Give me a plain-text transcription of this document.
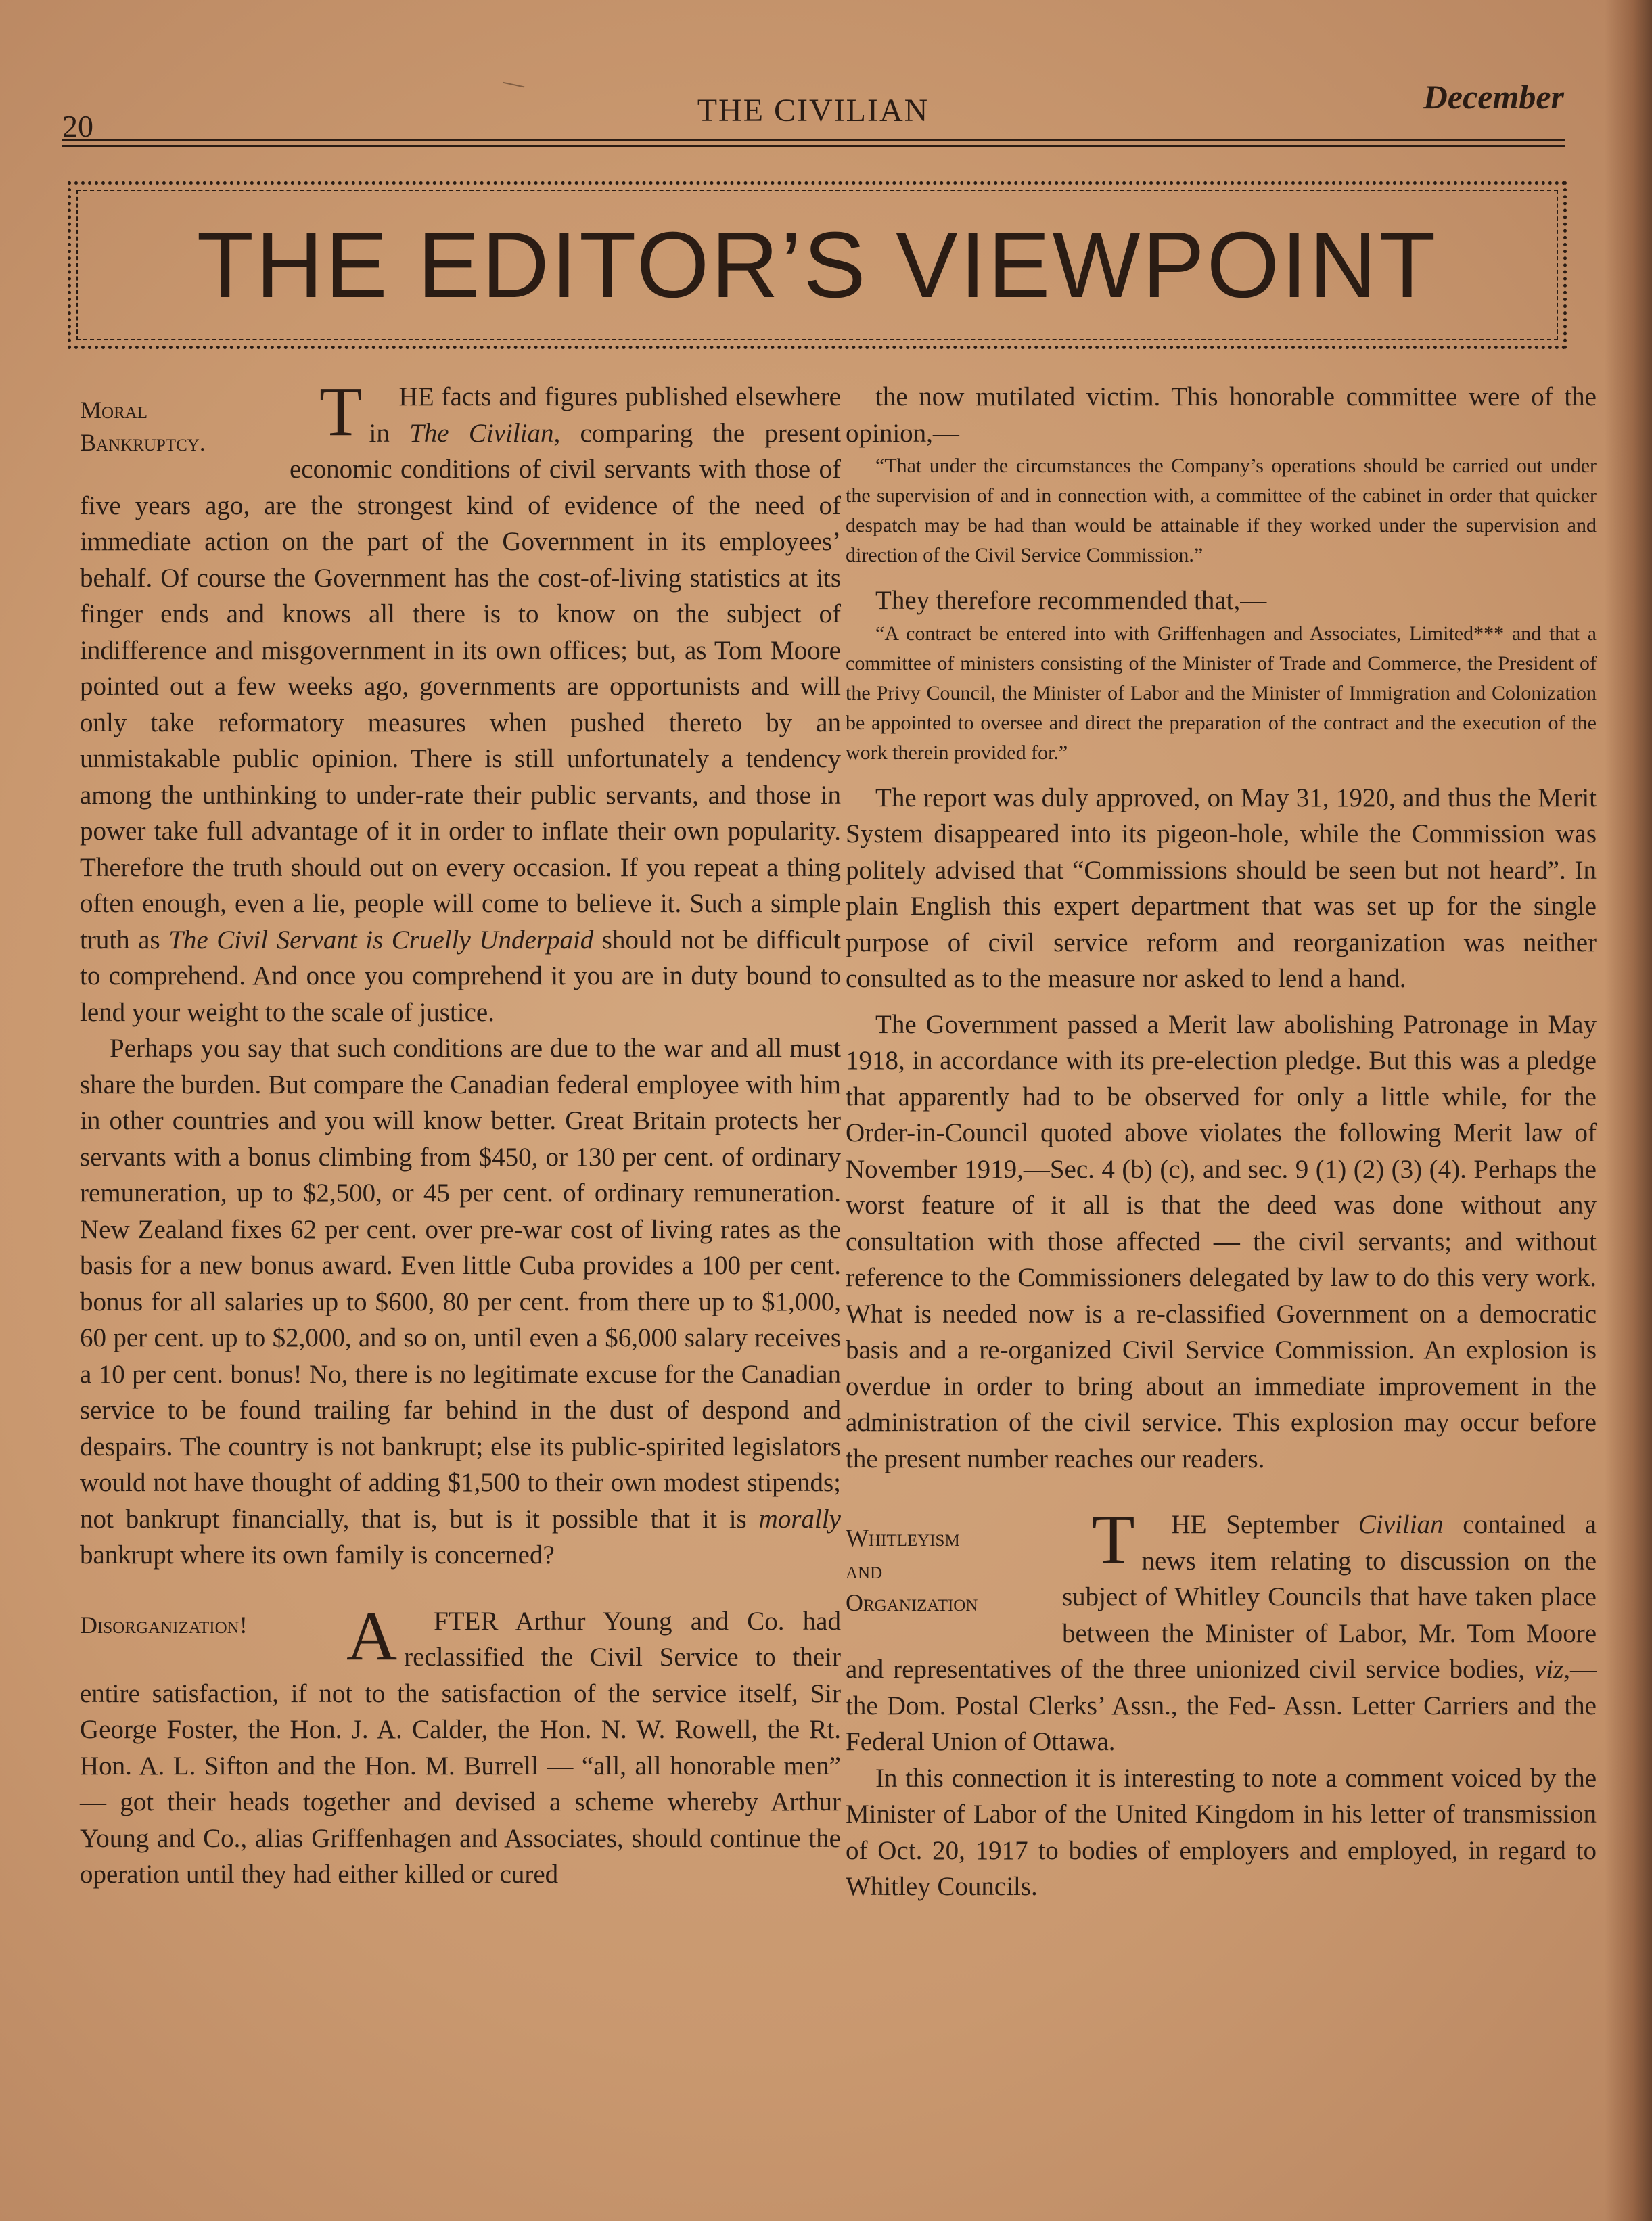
20	THE CIVILIAN	December
THE EDITOR’S VIEWPOINT
Moral
Bankruptcy.	T HE facts and figures published elsewhere in The Civilian, comparing the present economic conditions of civil servants with those of five years ago, are the strongest kind of evidence of the need of immediate action on the part of the Government in its employees’ behalf. Of course the Government has the cost-of-living statistics at its finger ends and knows all there is to know on the subject of indifference and misgovernment in its own offices; but, as Tom Moore pointed out a few weeks ago, governments are opportunists and will only take reformatory measures when pushed thereto by an unmistakable public opinion. There is still unfortunately a tendency among the unthinking to under-rate their public servants, and those in power take full advantage of it in order to inflate their own popularity. Therefore the truth should out on every occasion. If you repeat a thing often enough, even a lie, people will come to believe it. Such a simple truth as The Civil Servant is Cruelly Underpaid should not be difficult to comprehend. And once you comprehend it you are in duty bound to lend your weight to the scale of justice.

Perhaps you say that such conditions are due to the war and all must share the burden. But compare the Canadian federal employee with him in other countries and you will know better. Great Britain protects her servants with a bonus climbing from $450, or 130 per cent. of ordinary remuneration, up to $2,500, or 45 per cent. of ordinary remuneration. New Zealand fixes 62 per cent. over pre-war cost of living rates as the basis for a new bonus award. Even little Cuba provides a 100 per cent. bonus for all salaries up to $600, 80 per cent. from there up to $1,000, 60 per cent. up to $2,000, and so on, until even a $6,000 salary receives a 10 per cent. bonus! No, there is no legitimate excuse for the Canadian service to be found trailing far behind in the dust of despond and despairs. The country is not bankrupt; else its public-spirited legislators would not have thought of adding $1,500 to their own modest stipends; not bankrupt financially, that is, but is it possible that it is morally bankrupt where its own family is concerned?

Disorganization!	A FTER Arthur Young and Co. had reclassified the Civil Service to their entire satisfaction, if not to the satisfaction of the service itself, Sir George Foster, the Hon. J. A. Calder, the Hon. N. W. Rowell, the Rt. Hon. A. L. Sifton and the Hon. M. Burrell — “all, all honorable men” — got their heads together and devised a scheme whereby Arthur Young and Co., alias Griffenhagen and Associates, should continue the operation until they had either killed or cured

the now mutilated victim. This honorable committee were of the opinion,—

“That under the circumstances the Company’s operations should be carried out under the supervision of and in connection with, a committee of the cabinet in order that quicker despatch may be had than would be attainable if they worked under the supervision and direction of the Civil Service Commission.”

They therefore recommended that,—

“A contract be entered into with Griffenhagen and Associates, Limited*** and that a committee of ministers consisting of the Minister of Trade and Commerce, the President of the Privy Council, the Minister of Labor and the Minister of Immigration and Colonization be appointed to oversee and direct the preparation of the contract and the execution of the work therein provided for.”

The report was duly approved, on May 31, 1920, and thus the Merit System disappeared into its pigeon-hole, while the Commission was politely advised that “Commissions should be seen but not heard”. In plain English this expert department that was set up for the single purpose of civil service reform and reorganization was neither consulted as to the measure nor asked to lend a hand.

The Government passed a Merit law abolishing Patronage in May 1918, in accordance with its pre-election pledge. But this was a pledge that apparently had to be observed for only a little while, for the Order-in-Council quoted above violates the following Merit law of November 1919,—Sec. 4 (b) (c), and sec. 9 (1) (2) (3) (4). Perhaps the worst feature of it all is that the deed was done without any consultation with those affected — the civil servants; and without reference to the Commissioners delegated by law to do this very work. What is needed now is a re-classified Government on a democratic basis and a re-organized Civil Service Commission. An explosion is overdue in order to bring about an immediate improvement in the administration of the civil service. This explosion may occur before the present number reaches our readers.

Whitleyism
and
Organization

T HE September Civilian contained a news item relating to discussion on the subject of Whitley Councils that have taken place between the Minister of Labor, Mr. Tom Moore and representatives of the three unionized civil service bodies, viz,—the Dom. Postal Clerks’ Assn., the Fed- Assn. Letter Carriers and the Federal Union of Ottawa.

In this connection it is interesting to note a comment voiced by the Minister of Labor of the United Kingdom in his letter of transmission of Oct. 20, 1917 to bodies of employers and employed, in regard to Whitley Councils.
